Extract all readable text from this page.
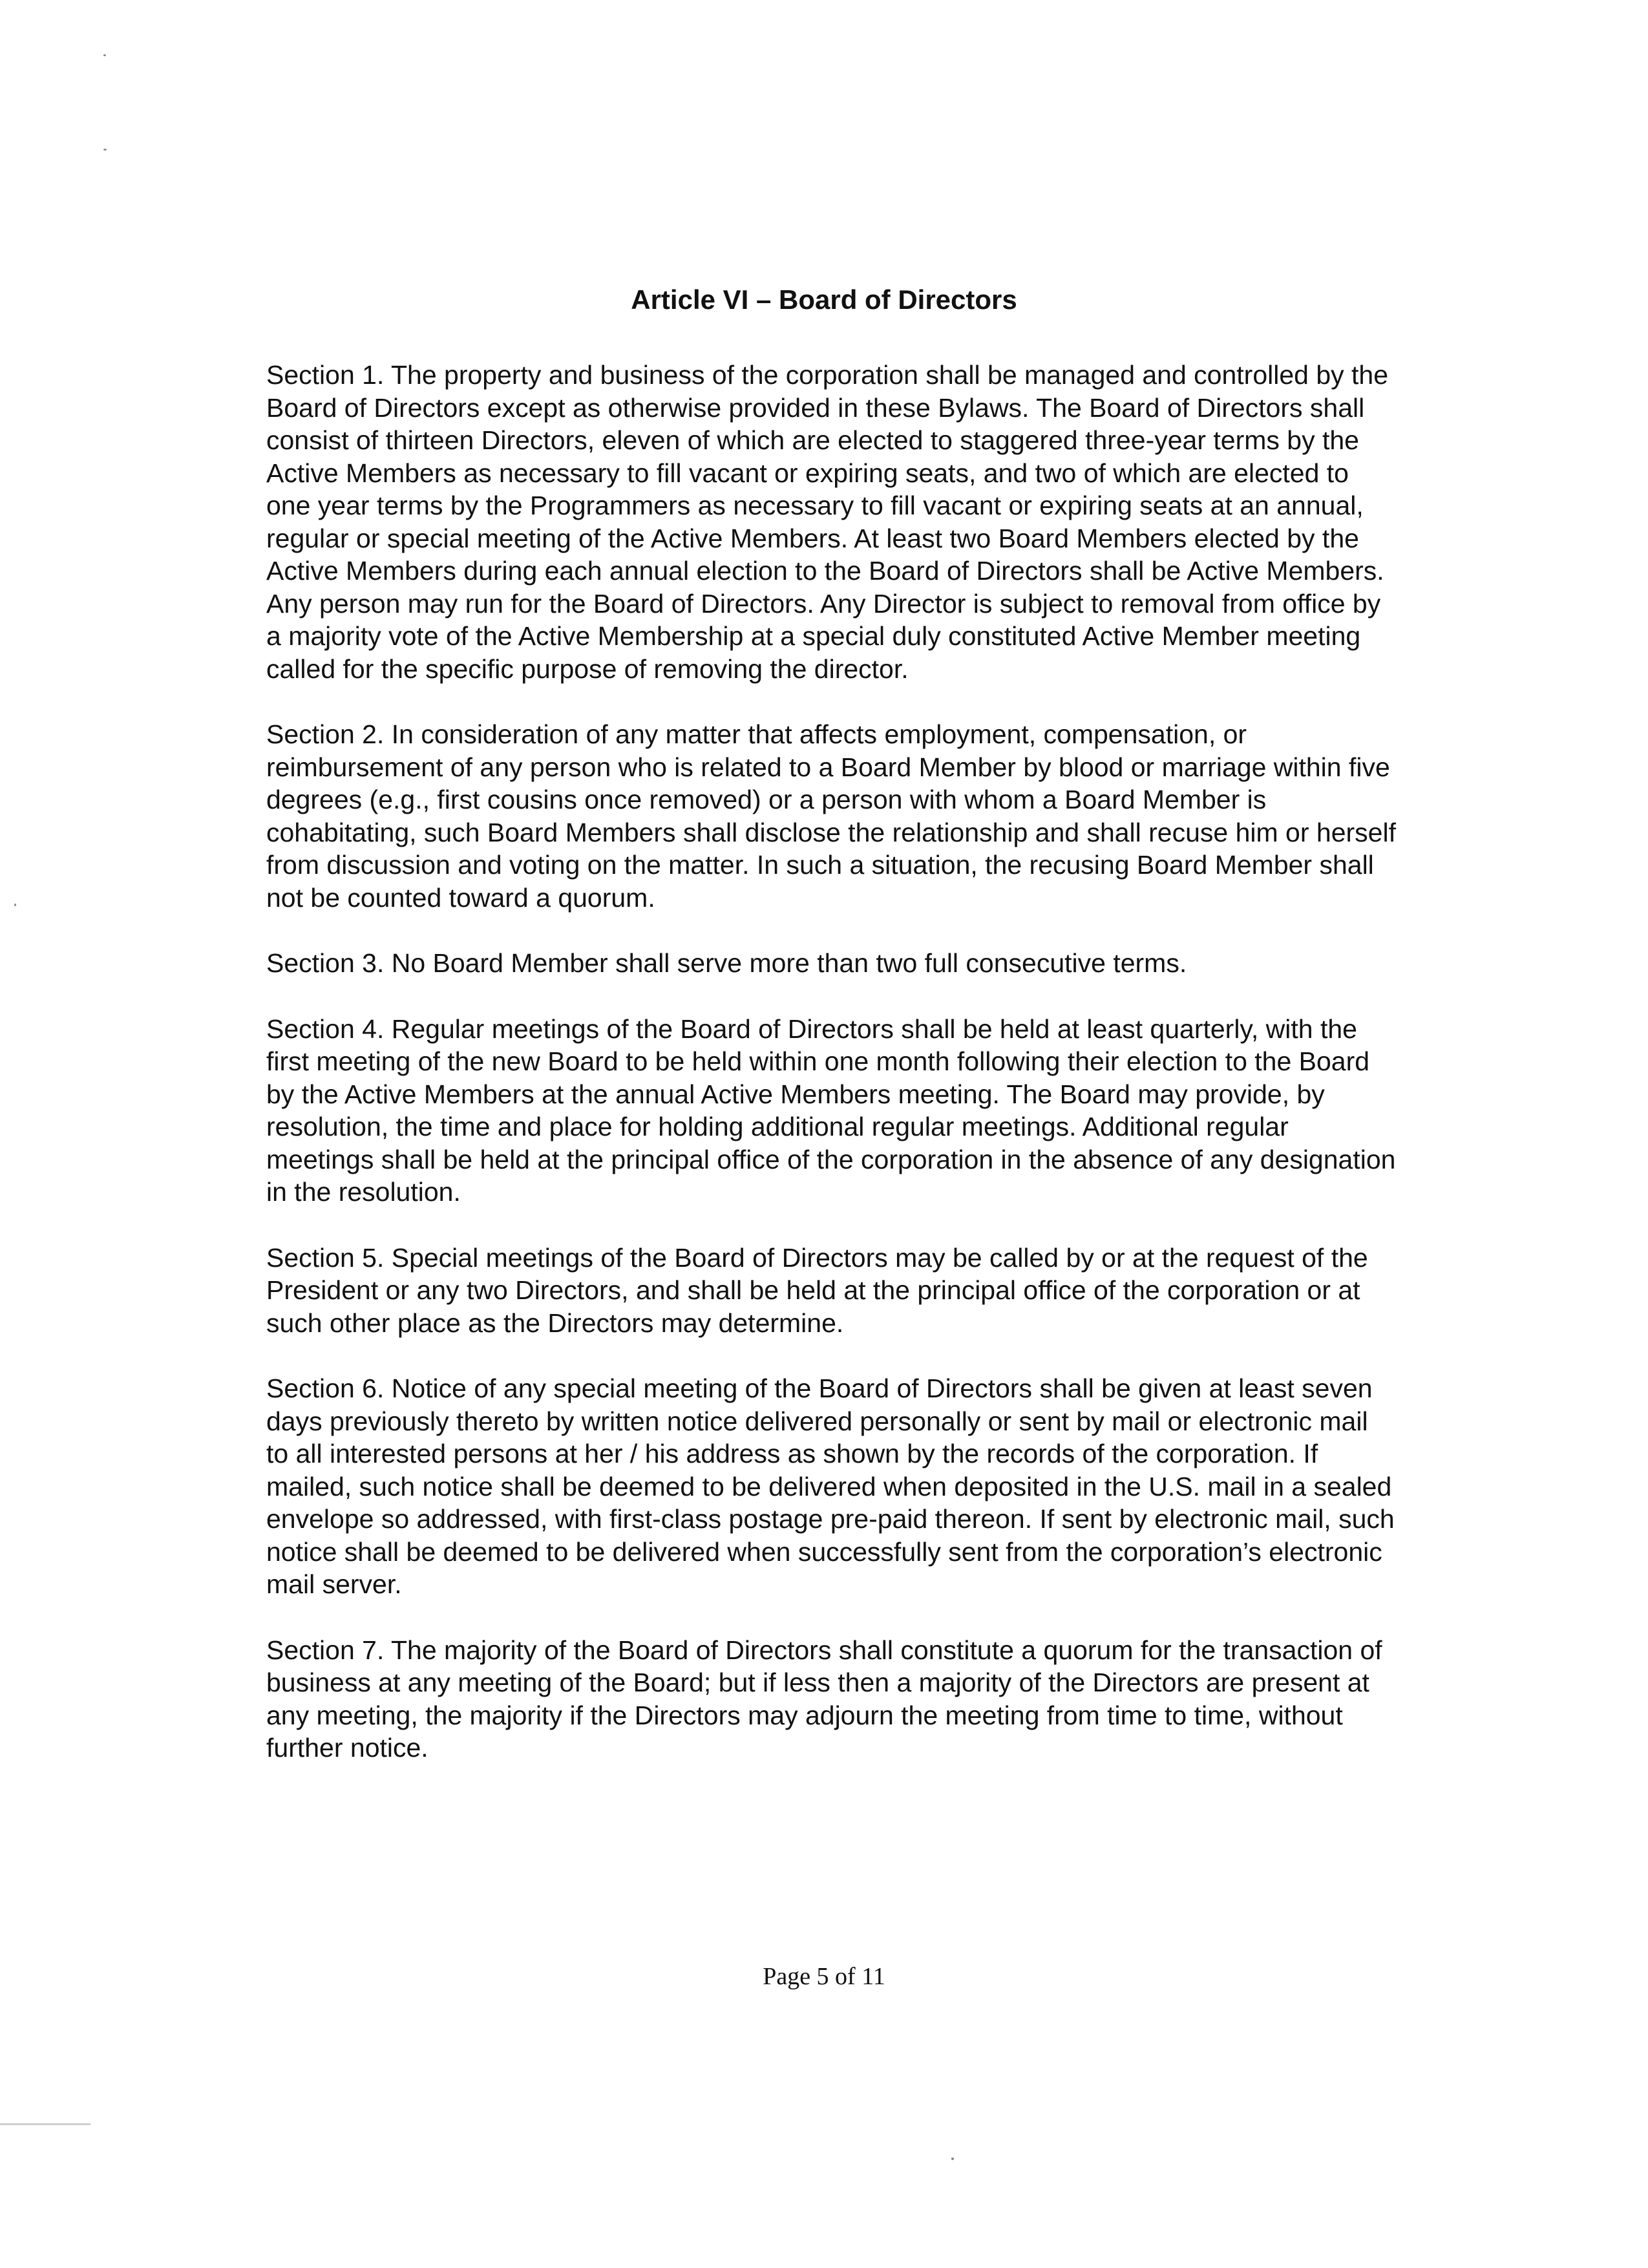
Article VI – Board of Directors

Section 1. The property and business of the corporation shall be managed and controlled by the Board of Directors except as otherwise provided in these Bylaws. The Board of Directors shall consist of thirteen Directors, eleven of which are elected to staggered three-year terms by the Active Members as necessary to fill vacant or expiring seats, and two of which are elected to one year terms by the Programmers as necessary to fill vacant or expiring seats at an annual, regular or special meeting of the Active Members. At least two Board Members elected by the Active Members during each annual election to the Board of Directors shall be Active Members. Any person may run for the Board of Directors. Any Director is subject to removal from office by a majority vote of the Active Membership at a special duly constituted Active Member meeting called for the specific purpose of removing the director.

Section 2. In consideration of any matter that affects employment, compensation, or reimbursement of any person who is related to a Board Member by blood or marriage within five degrees (e.g., first cousins once removed) or a person with whom a Board Member is cohabitating, such Board Members shall disclose the relationship and shall recuse him or herself from discussion and voting on the matter. In such a situation, the recusing Board Member shall not be counted toward a quorum.

Section 3. No Board Member shall serve more than two full consecutive terms.

Section 4. Regular meetings of the Board of Directors shall be held at least quarterly, with the first meeting of the new Board to be held within one month following their election to the Board by the Active Members at the annual Active Members meeting. The Board may provide, by resolution, the time and place for holding additional regular meetings. Additional regular meetings shall be held at the principal office of the corporation in the absence of any designation in the resolution.

Section 5. Special meetings of the Board of Directors may be called by or at the request of the President or any two Directors, and shall be held at the principal office of the corporation or at such other place as the Directors may determine.

Section 6. Notice of any special meeting of the Board of Directors shall be given at least seven days previously thereto by written notice delivered personally or sent by mail or electronic mail to all interested persons at her / his address as shown by the records of the corporation. If mailed, such notice shall be deemed to be delivered when deposited in the U.S. mail in a sealed envelope so addressed, with first-class postage pre-paid thereon. If sent by electronic mail, such notice shall be deemed to be delivered when successfully sent from the corporation’s electronic mail server.

Section 7. The majority of the Board of Directors shall constitute a quorum for the transaction of business at any meeting of the Board; but if less then a majority of the Directors are present at any meeting, the majority if the Directors may adjourn the meeting from time to time, without further notice.

Page 5 of 11
